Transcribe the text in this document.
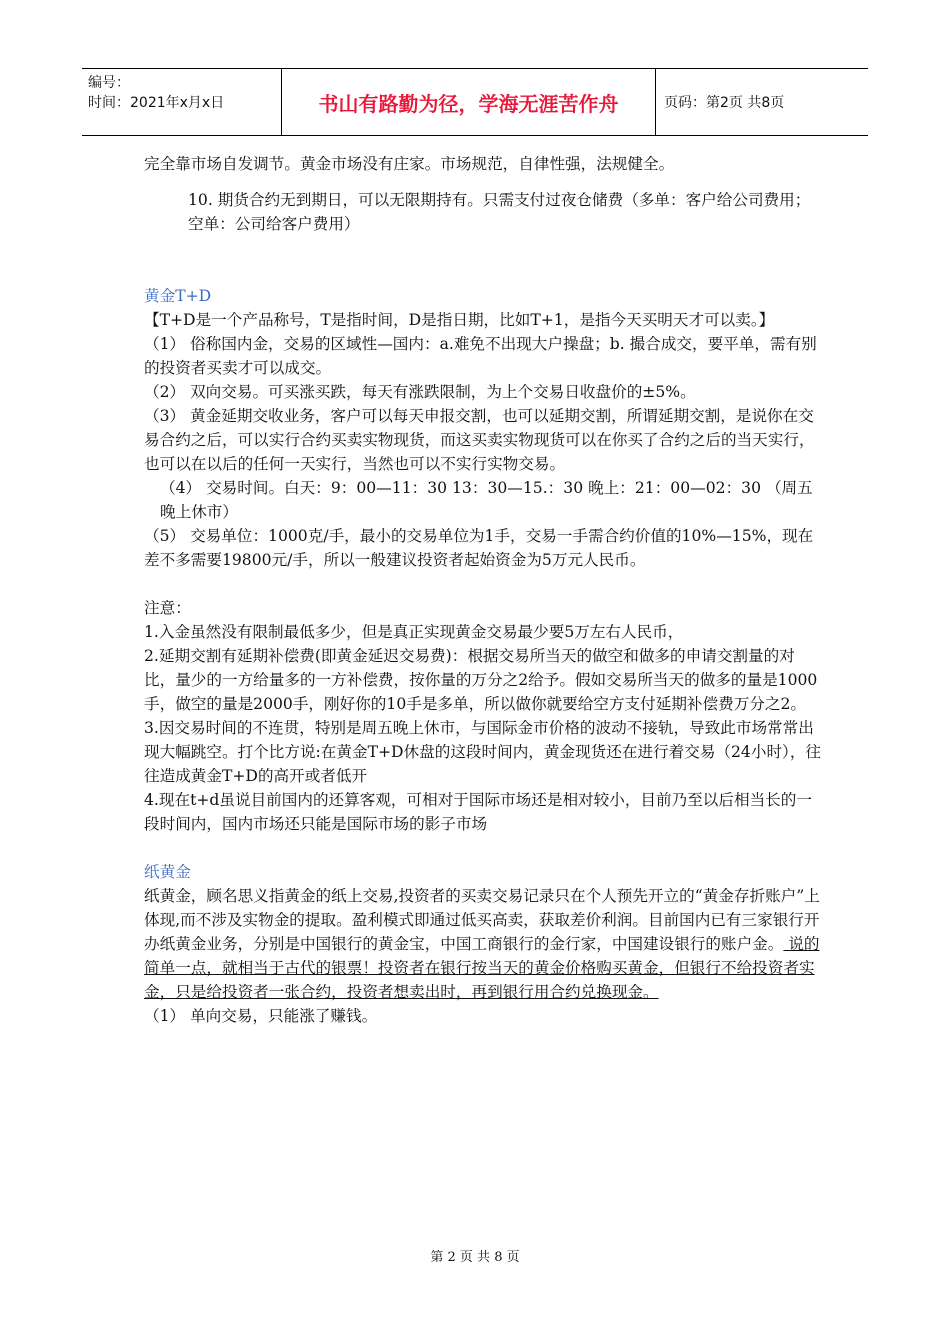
编号：
时间：2021年x月x日	书山有路勤为径，学海无涯苦作舟	页码：第2页 共8页

完全靠市场自发调节。黄金市场没有庄家。市场规范，自律性强，法规健全。

10. 期货合约无到期日，可以无限期持有。只需支付过夜仓储费（多单：客户给公司费用；空单：公司给客户费用）

黄金T+D

【T+D是一个产品称号，T是指时间，D是指日期，比如T+1，是指今天买明天才可以卖。】

（1） 俗称国内金，交易的区域性—国内：a.难免不出现大户操盘；b. 撮合成交，要平单，需有别的投资者买卖才可以成交。

（2） 双向交易。可买涨买跌，每天有涨跌限制，为上个交易日收盘价的±5%。

（3） 黄金延期交收业务，客户可以每天申报交割，也可以延期交割，所谓延期交割，是说你在交易合约之后，可以实行合约买卖实物现货，而这买卖实物现货可以在你买了合约之后的当天实行，也可以在以后的任何一天实行，当然也可以不实行实物交易。

（4） 交易时间。白天：9：00—11：30 13：30—15.：30 晚上：21：00—02：30 （周五晚上休市）

（5） 交易单位：1000克/手，最小的交易单位为1手，交易一手需合约价值的10%—15%，现在差不多需要19800元/手，所以一般建议投资者起始资金为5万元人民币。

注意：

1.入金虽然没有限制最低多少，但是真正实现黄金交易最少要5万左右人民币，

2.延期交割有延期补偿费(即黄金延迟交易费)：根据交易所当天的做空和做多的申请交割量的对比，量少的一方给量多的一方补偿费，按你量的万分之2给予。假如交易所当天的做多的量是1000手，做空的量是2000手，刚好你的10手是多单，所以做你就要给空方支付延期补偿费万分之2。

3.因交易时间的不连贯，特别是周五晚上休市，与国际金市价格的波动不接轨，导致此市场常常出现大幅跳空。打个比方说:在黄金T+D休盘的这段时间内，黄金现货还在进行着交易（24小时），往往造成黄金T+D的高开或者低开

4.现在t+d虽说目前国内的还算客观，可相对于国际市场还是相对较小，目前乃至以后相当长的一段时间内，国内市场还只能是国际市场的影子市场

纸黄金

纸黄金，顾名思义指黄金的纸上交易,投资者的买卖交易记录只在个人预先开立的“黄金存折账户”上体现,而不涉及实物金的提取。盈利模式即通过低买高卖，获取差价利润。目前国内已有三家银行开办纸黄金业务，分别是中国银行的黄金宝，中国工商银行的金行家，中国建设银行的账户金。 说的简单一点，就相当于古代的银票！投资者在银行按当天的黄金价格购买黄金，但银行不给投资者实金，只是给投资者一张合约，投资者想卖出时，再到银行用合约兑换现金。

（1） 单向交易，只能涨了赚钱。

第 2 页 共 8 页
